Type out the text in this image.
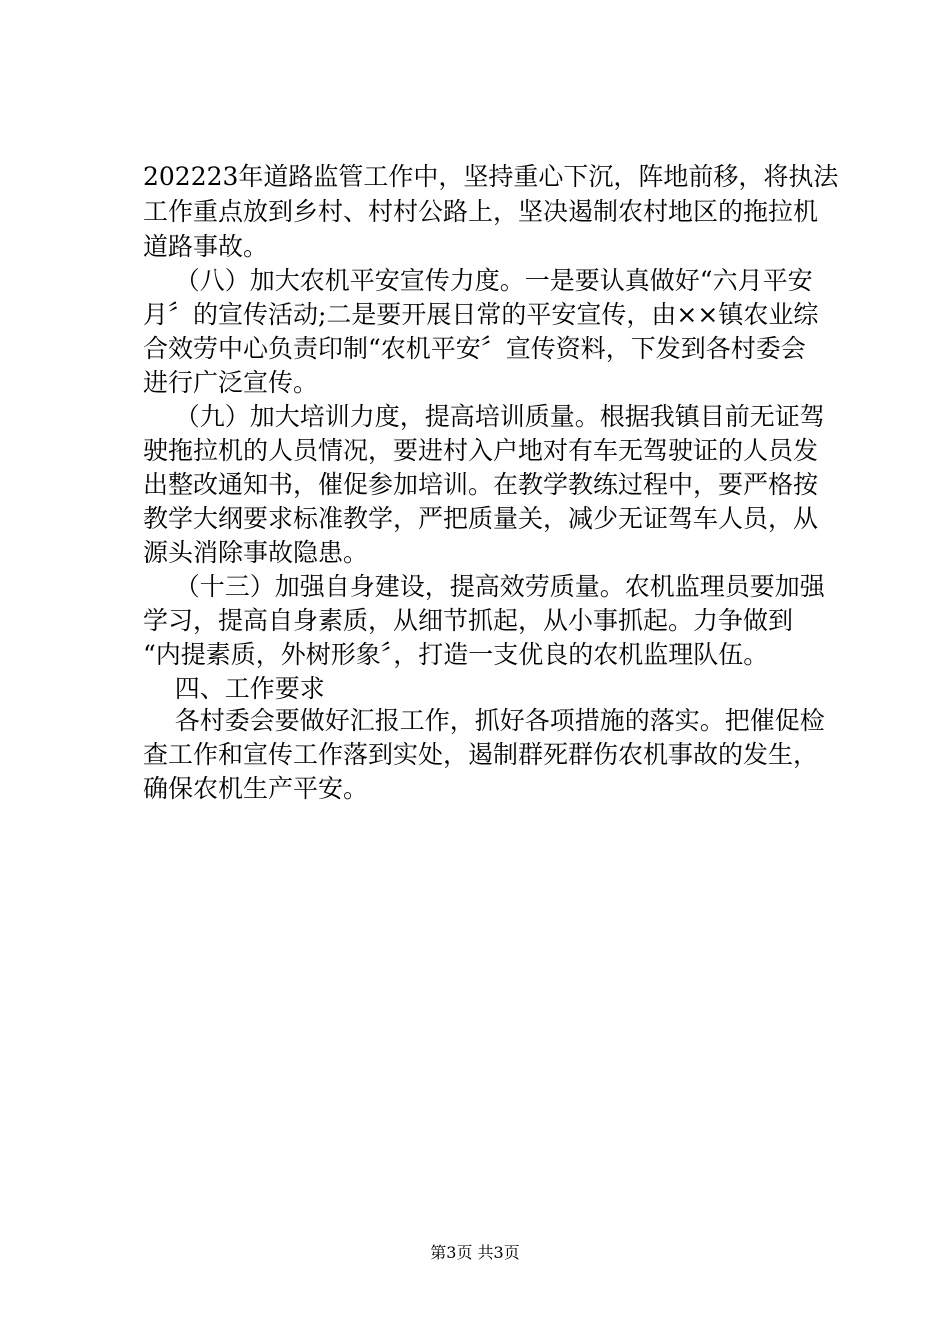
202223年道路监管工作中，坚持重心下沉，阵地前移，将执法
工作重点放到乡村、村村公路上，坚决遏制农村地区的拖拉机
道路事故。
（八）加大农机平安宣传力度。一是要认真做好“六月平安
月〞的宣传活动;二是要开展日常的平安宣传，由××镇农业综
合效劳中心负责印制“农机平安〞宣传资料，下发到各村委会
进行广泛宣传。
（九）加大培训力度，提高培训质量。根据我镇目前无证驾
驶拖拉机的人员情况，要进村入户地对有车无驾驶证的人员发
出整改通知书，催促参加培训。在教学教练过程中，要严格按
教学大纲要求标准教学，严把质量关，减少无证驾车人员，从
源头消除事故隐患。
（十三）加强自身建设，提高效劳质量。农机监理员要加强
学习，提高自身素质，从细节抓起，从小事抓起。力争做到
“内提素质，外树形象〞，打造一支优良的农机监理队伍。
四、工作要求
各村委会要做好汇报工作，抓好各项措施的落实。把催促检
查工作和宣传工作落到实处，遏制群死群伤农机事故的发生，
确保农机生产平安。
第3页 共3页
